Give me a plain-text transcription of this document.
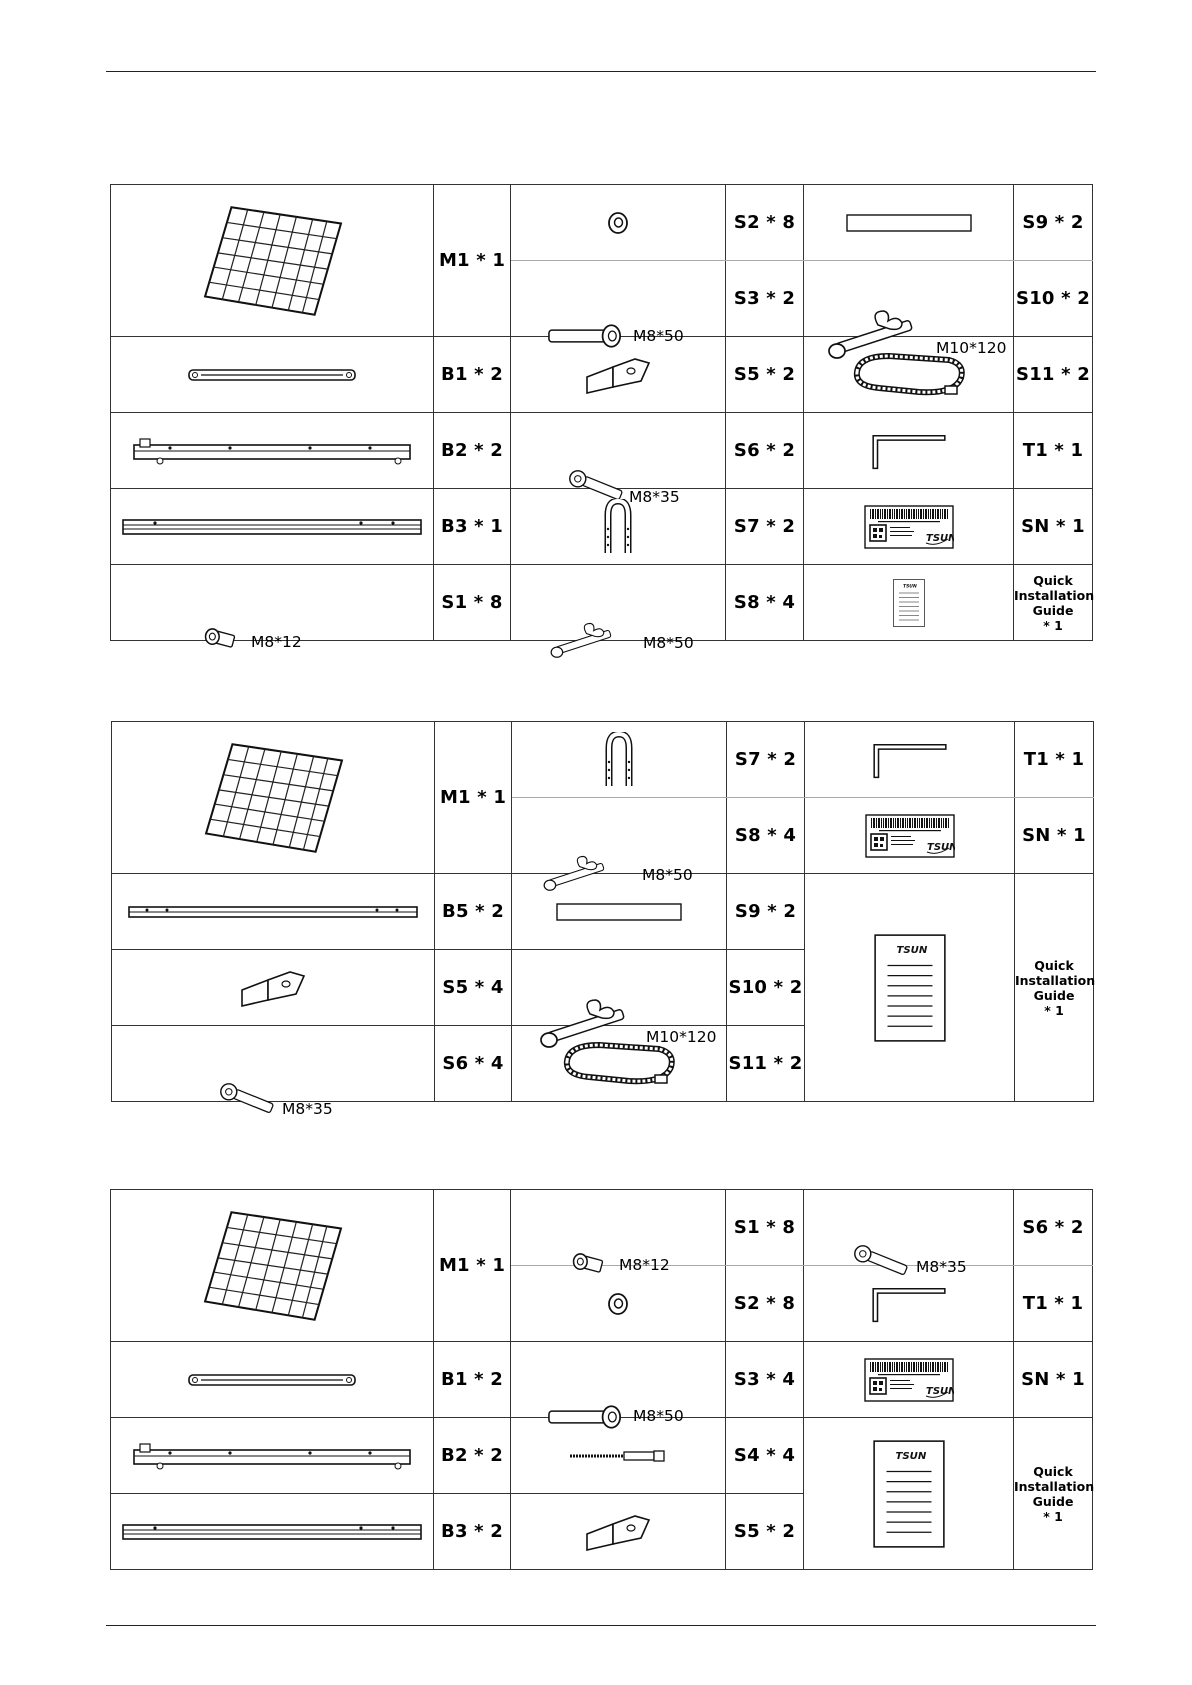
	M1 * 1		S2 * 8		S9 * 2

		M8*50	S3 * 2	M10*120	S10 * 2

	B1 * 2		S5 * 2		S11 * 2

	B2 * 2	M8*35	S6 * 2		T1 * 1

	B3 * 1		S7 * 2		SN * 1

M8*12	S1 * 8	M8*50	S8 * 4		Quick
Installation
Guide
* 1
	M1 * 1		S7 * 2		T1 * 1

		M8*50	S8 * 4		SN * 1

	B5 * 2		S9 * 2		Quick
Installation
Guide
* 1

	S5 * 4	M10*120	S10 * 2		

M8*35	S6 * 4		S11 * 2		
	M1 * 1	M8*12	S1 * 8	M8*35	S6 * 2

	S2 * 8		T1 * 1

	B1 * 2	M8*50	S3 * 4		SN * 1

	B2 * 2		S4 * 4		Quick
Installation
Guide
* 1

	B3 * 2		S5 * 2		
